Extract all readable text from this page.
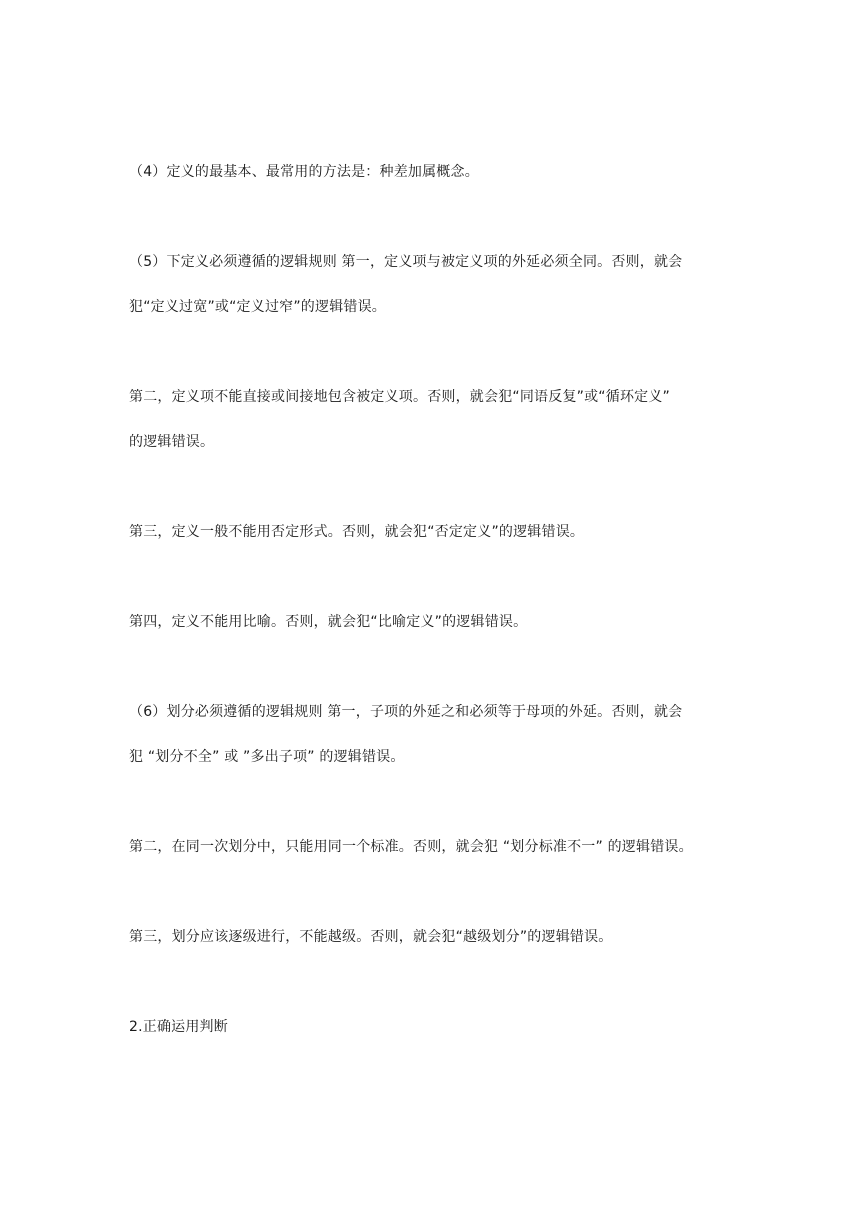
（4）定义的最基本、最常用的方法是：种差加属概念。
（5）下定义必须遵循的逻辑规则 第一，定义项与被定义项的外延必须全同。否则，就会
犯“定义过宽”或“定义过窄”的逻辑错误。
第二，定义项不能直接或间接地包含被定义项。否则，就会犯“同语反复”或“循环定义”
的逻辑错误。
第三，定义一般不能用否定形式。否则，就会犯“否定定义”的逻辑错误。
第四，定义不能用比喻。否则，就会犯“比喻定义”的逻辑错误。
（6）划分必须遵循的逻辑规则 第一，子项的外延之和必须等于母项的外延。否则，就会
犯 “划分不全” 或 ”多出子项” 的逻辑错误。
第二，在同一次划分中，只能用同一个标准。否则，就会犯 “划分标准不一” 的逻辑错误。
第三，划分应该逐级进行，不能越级。否则，就会犯“越级划分”的逻辑错误。
2.正确运用判断
